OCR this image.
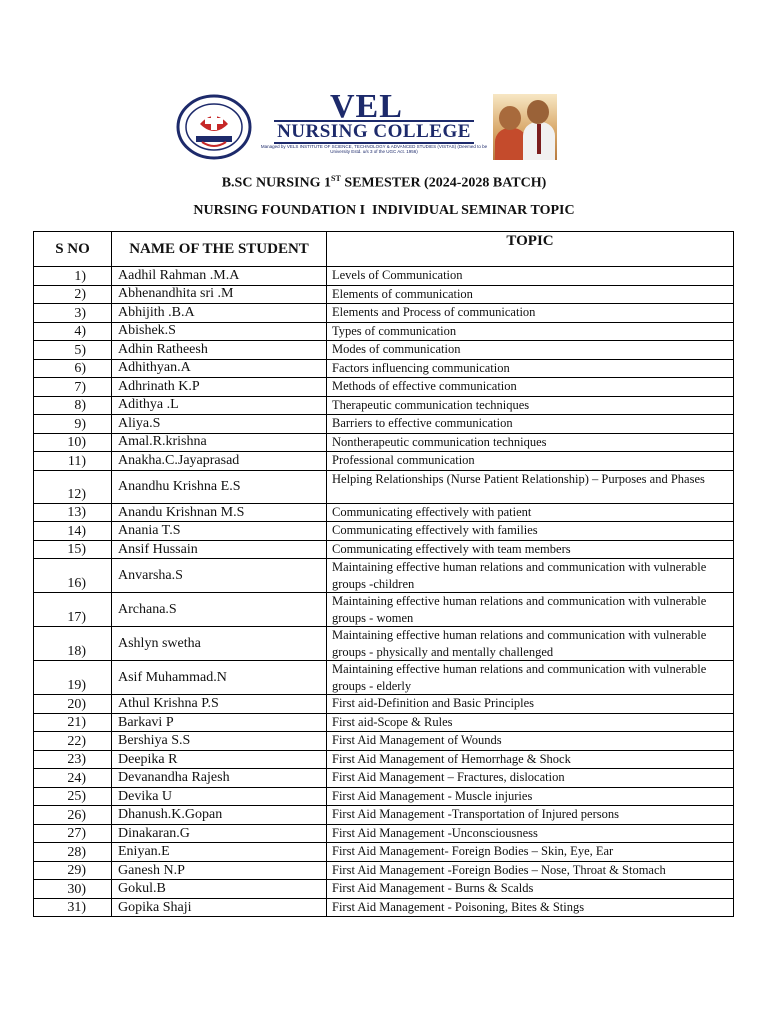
VEL
NURSING COLLEGE
Managed by VELS INSTITUTE OF SCIENCE, TECHNOLOGY & ADVANCED STUDIES (VISTAS) (Deemed to be University Estd. u/s 3 of the UGC Act. 1956)
B.SC NURSING 1ST SEMESTER (2024-2028 BATCH)
NURSING FOUNDATION I  INDIVIDUAL SEMINAR TOPIC
S NO	NAME OF THE STUDENT	TOPIC
1)	Aadhil Rahman .M.A	Levels of Communication
2)	Abhenandhita sri .M	Elements of communication
3)	Abhijith .B.A	Elements and Process of communication
4)	Abishek.S	Types of communication
5)	Adhin Ratheesh	Modes of communication
6)	Adhithyan.A	Factors influencing communication
7)	Adhrinath K.P	Methods of effective communication
8)	Adithya .L	Therapeutic communication techniques
9)	Aliya.S	Barriers to effective communication
10)	Amal.R.krishna	Nontherapeutic communication techniques
11)	Anakha.C.Jayaprasad	Professional communication
12)	Anandhu Krishna E.S	Helping Relationships (Nurse Patient Relationship) – Purposes and Phases
13)	Anandu Krishnan M.S	Communicating effectively with patient
14)	Anania T.S	Communicating effectively with families
15)	Ansif Hussain	Communicating effectively with team members
16)	Anvarsha.S	Maintaining effective human relations and communication with vulnerable groups -children
17)	Archana.S	Maintaining effective human relations and communication with vulnerable groups - women
18)	Ashlyn swetha	Maintaining effective human relations and communication with vulnerable groups - physically and mentally challenged
19)	Asif Muhammad.N	Maintaining effective human relations and communication with vulnerable groups - elderly
20)	Athul Krishna P.S	First aid-Definition and Basic Principles
21)	Barkavi P	First aid-Scope & Rules
22)	Bershiya S.S	First Aid Management of Wounds
23)	Deepika R	First Aid Management of Hemorrhage & Shock
24)	Devanandha Rajesh	First Aid Management – Fractures, dislocation
25)	Devika U	First Aid Management - Muscle injuries
26)	Dhanush.K.Gopan	First Aid Management -Transportation of Injured persons
27)	Dinakaran.G	First Aid Management -Unconsciousness
28)	Eniyan.E	First Aid Management- Foreign Bodies – Skin, Eye, Ear
29)	Ganesh N.P	First Aid Management -Foreign Bodies – Nose, Throat & Stomach
30)	Gokul.B	First Aid Management - Burns & Scalds
31)	Gopika Shaji	First Aid Management - Poisoning, Bites & Stings
